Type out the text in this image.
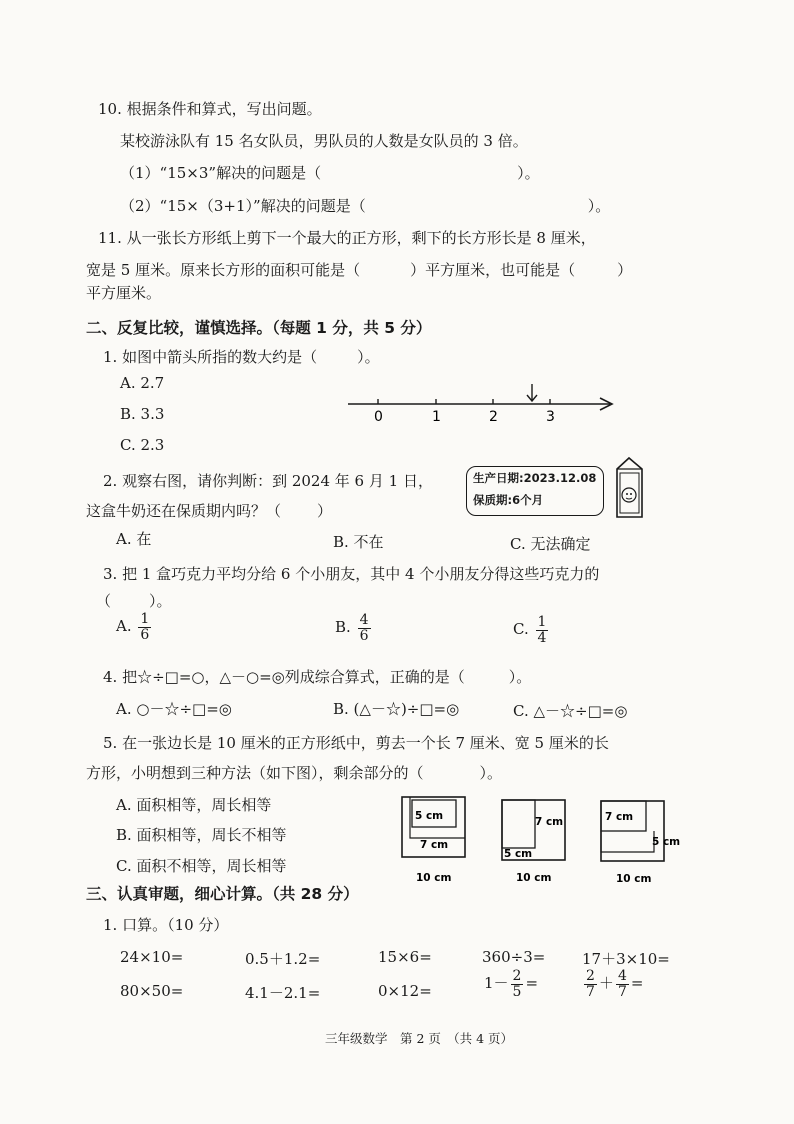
10. 根据条件和算式，写出问题。
某校游泳队有 15 名女队员，男队员的人数是女队员的 3 倍。
（1）“15×3”解决的问题是（	）。
（2）“15×（3+1）”解决的问题是（	）。
11. 从一张长方形纸上剪下一个最大的正方形，剩下的长方形长是 8 厘米，
宽是 5 厘米。原来长方形的面积可能是（	）平方厘米，也可能是（	）
平方厘米。
二、反复比较，谨慎选择。（每题 1 分，共 5 分）
1. 如图中箭头所指的数大约是（	）。
A. 2.7
B. 3.3
C. 2.3
0	1	2	3
2. 观察右图，请你判断：到 2024 年 6 月 1 日，
这盒牛奶还在保质期内吗？（ ）
生产日期:2023.12.08
保质期:6个月
A. 在	B. 不在	C. 无法确定
3. 把 1 盒巧克力平均分给 6 个小朋友，其中 4 个小朋友分得这些巧克力的
（	）。
A. $\frac{1}{6}$	B. $\frac{4}{6}$	C. $\frac{1}{4}$
4. 把☆÷□=○，△－○=◎列成综合算式，正确的是（	）。
A. ○－☆÷□=◎	B. (△－☆)÷□=◎	C. △－☆÷□=◎
5. 在一张边长是 10 厘米的正方形纸中，剪去一个长 7 厘米、宽 5 厘米的长
方形，小明想到三种方法（如下图），剩余部分的（	）。
A. 面积相等，周长相等
B. 面积相等，周长不相等
C. 面积不相等，周长相等
5 cm
7 cm
10 cm
7 cm
5 cm
10 cm
7 cm
5 cm
10 cm
三、认真审题，细心计算。（共 28 分）
1. 口算。（10 分）
24×10=	0.5＋1.2=	15×6=	360÷3= 17＋3×10=
80×50=	4.1－2.1=	0×12=	$1- \frac{2}{5}$ =	$\frac{2}{7} + \frac{4}{7}$ =
三年级数学　第 2 页　（共 4 页）
